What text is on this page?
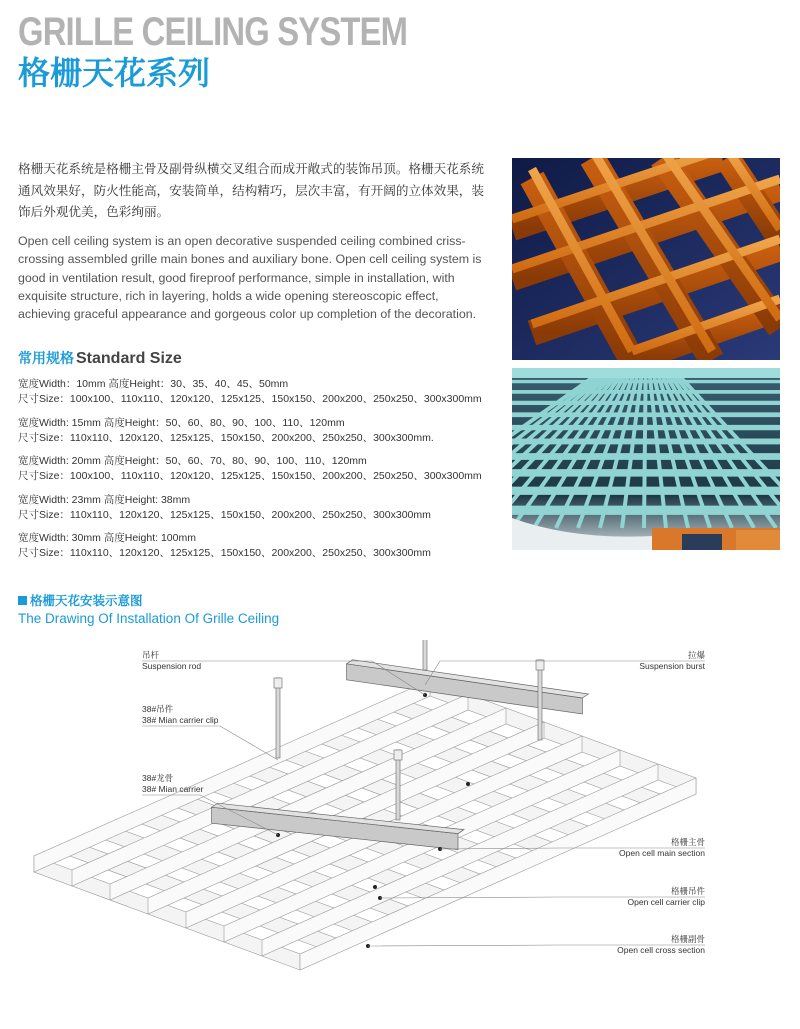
GRILLE CEILING SYSTEM
格栅天花系列
格栅天花系统是格栅主骨及副骨纵横交叉组合而成开敞式的装饰吊顶。格栅天花系统通风效果好，防火性能高，安装简单，结构精巧，层次丰富，有开阔的立体效果，装饰后外观优美，色彩绚丽。
Open cell ceiling system is an open decorative suspended ceiling combined criss-crossing assembled grille main bones and auxiliary bone. Open cell ceiling system is good in ventilation result, good fireproof performance, simple in installation, with exquisite structure, rich in layering, holds a wide opening stereoscopic effect, achieving graceful appearance and gorgeous color up completion of the decoration.
常用规格 Standard Size
宽度Width：10mm 高度Height：30、35、40、45、50mm
尺寸Size：100x100、110x110、120x120、125x125、150x150、200x200、250x250、300x300mm
宽度Width: 15mm 高度Height：50、60、80、90、100、110、120mm
尺寸Size：110x110、120x120、125x125、150x150、200x200、250x250、300x300mm.
宽度Width: 20mm 高度Height：50、60、70、80、90、100、110、120mm
尺寸Size：100x100、110x110、120x120、125x125、150x150、200x200、250x250、300x300mm
宽度Width: 23mm 高度Height: 38mm
尺寸Size：110x110、120x120、125x125、150x150、200x200、250x250、300x300mm
宽度Width: 30mm 高度Height: 100mm
尺寸Size：110x110、120x120、125x125、150x150、200x200、250x250、300x300mm
格栅天花安装示意图
The Drawing Of Installation Of Grille Ceiling
吊杆
Suspension rod
38#吊件
38# Mian carrier clip
38#龙骨
38# Mian carrier
拉爆
Suspension burst
格栅主骨
Open cell main section
格栅吊件
Open cell carrier clip
格栅副骨
Open cell cross section
